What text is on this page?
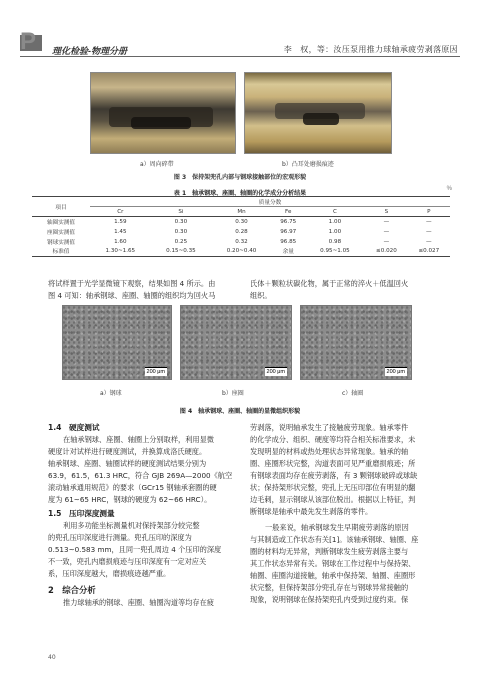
P 理化检验-物理分册	李　权，等：汝压泵用推力球轴承疲劳剥落原因
a）周向碎带	b）凸耳处磨损痕迹
图 3　保持架兜孔内部与钢球接触部位的宏观形貌
表 1　轴承钢球、座圈、轴圈的化学成分分析结果
%
项目	质量分数						
	Cr	Si	Mn	Fe	C	S	P
轴圈实测值	1.59	0.30	0.30	96.75	1.00	—	—
座圈实测值	1.45	0.30	0.28	96.97	1.00	—	—
钢球实测值	1.60	0.25	0.32	96.85	0.98	—	—
标准值	1.30~1.65	0.15~0.35	0.20~0.40	余量	0.95~1.05	≤0.020	≤0.027
将试样置于光学显微镜下观察，结果如图 4 所示。由
图 4 可知：轴承钢球、座圈、轴圈的组织均为回火马
氏体＋颗粒状碳化物，属于正常的淬火＋低温回火
组织。
200 μm	200 μm	200 μm
a）钢球	b）座圈	c）轴圈
图 4　轴承钢球、座圈、轴圈的显微组织形貌
1.4　硬度测试
在轴承钢球、座圈、轴圈上分别取样，利用显微
硬度计对试样进行硬度测试，并换算成洛氏硬度。
轴承钢球、座圈、轴圈试样的硬度测试结果分别为
63.9，61.5，61.3 HRC，符合 GJB 269A—2000《航空
滚动轴承通用规范》的要求（GCr15 钢轴承套圈的硬
度为 61~65 HRC，钢球的硬度为 62~66 HRC）。
1.5　压印深度测量
利用多功能坐标测量机对保持架部分较完整
的兜孔压印深度进行测量。兜孔压印的深度为
0.513~0.583 mm，且同一兜孔周边 4 个压印的深度
不一致，兜孔内磨损痕迹与压印深度有一定对应关
系，压印深度越大，磨损痕迹越严重。
2　综合分析
推力球轴承的钢球、座圈、轴圈沟道等均存在疲
劳剥落，说明轴承发生了接触疲劳现象。轴承零件
的化学成分、组织、硬度等均符合相关标准要求，未
发现明显的材料或热处理状态异常现象。轴承的轴
圈、座圈形状完整，沟道表面可见严重磨损痕迹；所
有钢球表面均存在疲劳剥落，有 3 颗钢球破碎或球缺
状；保持架形状完整，兜孔上无压印部位有明显的翻
边毛刺，显示钢球从该部位脱出。根据以上特征，判
断钢球是轴承中最先发生剥落的零件。
一般来说，轴承钢球发生早期疲劳剥落的原因
与其制造或工作状态有关[1]。该轴承钢球、轴圈、座
圈的材料均无异常，判断钢球发生疲劳剥落主要与
其工作状态异常有关。钢球在工作过程中与保持架、
轴圈、座圈沟道接触，轴承中保持架、轴圈、座圈形
状完整，但保持架部分兜孔存在与钢球异常接触的
现象，说明钢球在保持架兜孔内受到过度约束。保
40
